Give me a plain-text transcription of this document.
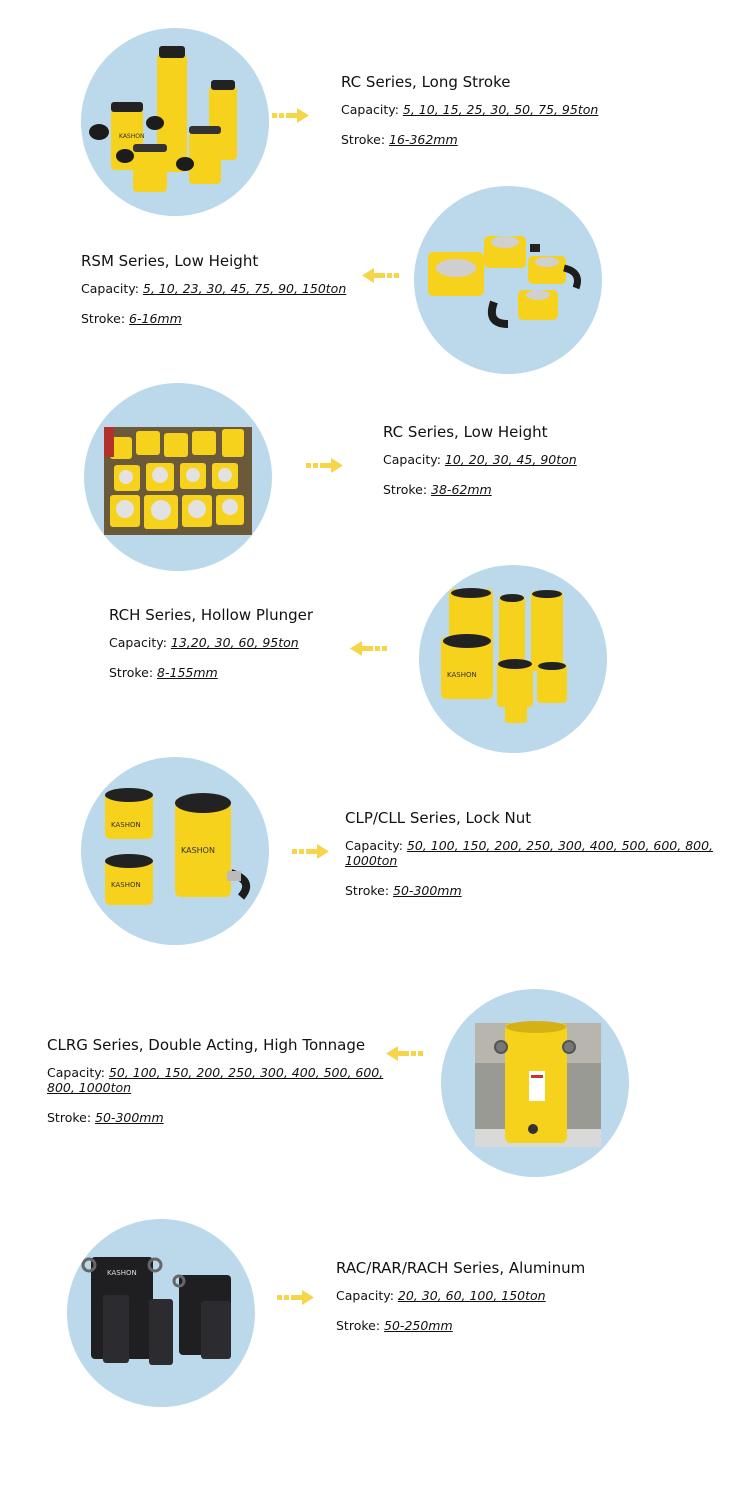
KASHON
RC Series, Long Stroke
Capacity: 5, 10, 15, 25, 30, 50, 75, 95ton
Stroke: 16-362mm
RSM Series, Low Height
Capacity: 5, 10, 23, 30, 45, 75, 90, 150ton
Stroke: 6-16mm
RC Series, Low Height
Capacity: 10, 20, 30, 45, 90ton
Stroke: 38-62mm
KASHON
RCH Series, Hollow Plunger
Capacity: 13,20, 30, 60, 95ton
Stroke: 8-155mm
KASHON
KASHON
KASHON
CLP/CLL Series, Lock Nut
Capacity: 50, 100, 150, 200, 250, 300, 400, 500, 600, 800, 1000ton
Stroke: 50-300mm
CLRG Series, Double Acting, High Tonnage
Capacity: 50, 100, 150, 200, 250, 300, 400, 500, 600, 800, 1000ton
Stroke: 50-300mm
KASHON	RAC/RAR/RACH Series, Aluminum
Capacity: 20, 30, 60, 100, 150ton
Stroke: 50-250mm
